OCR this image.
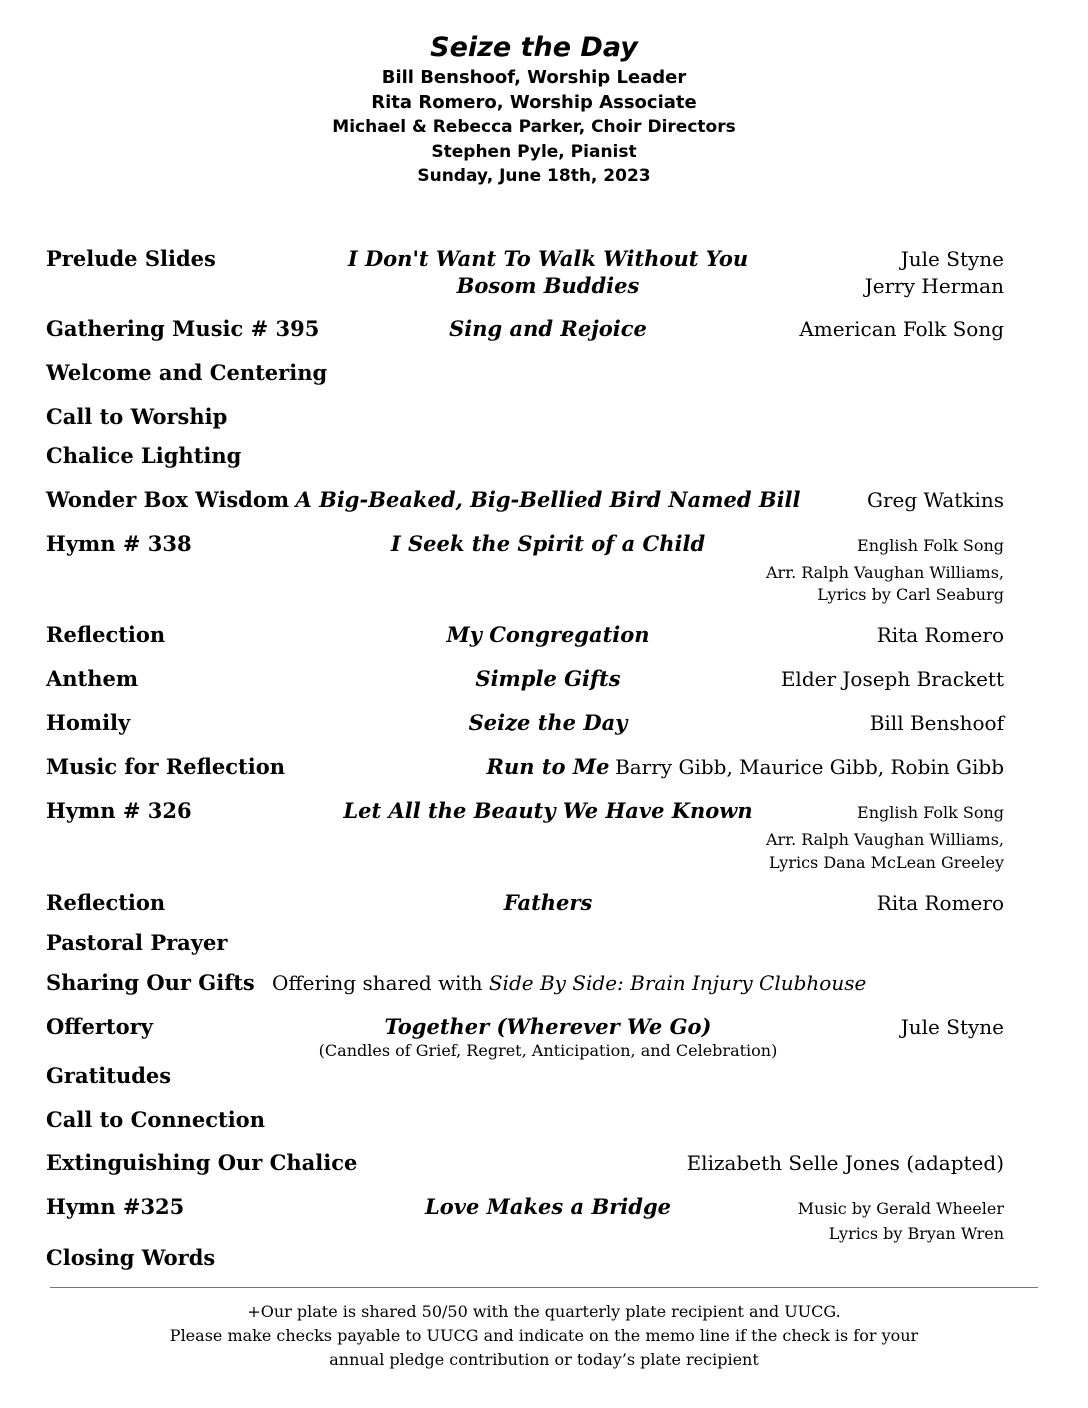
Seize the Day
Bill Benshoof, Worship Leader
Rita Romero, Worship Associate
Michael & Rebecca Parker, Choir Directors
Stephen Pyle, Pianist
Sunday, June 18th, 2023
Prelude Slides	I Don't Want To Walk Without You	Jule Styne
Bosom Buddies	Jerry Herman
Gathering Music # 395	Sing and Rejoice	American Folk Song
Welcome and Centering
Call to Worship
Chalice Lighting
Wonder Box Wisdom A Big-Beaked, Big-Bellied Bird Named Bill	Greg Watkins
Hymn # 338	I Seek the Spirit of a Child	English Folk Song
Arr. Ralph Vaughan Williams,
Lyrics by Carl Seaburg
Reflection	My Congregation	Rita Romero
Anthem	Simple Gifts	Elder Joseph Brackett
Homily	Seize the Day	Bill Benshoof
Music for Reflection	Run to Me Barry Gibb, Maurice Gibb, Robin Gibb
Hymn # 326	Let All the Beauty We Have Known	English Folk Song
Arr. Ralph Vaughan Williams,
Lyrics Dana McLean Greeley
Reflection	Fathers	Rita Romero
Pastoral Prayer
Sharing Our Gifts Offering shared with Side By Side: Brain Injury Clubhouse
Offertory	Together (Wherever We Go)	Jule Styne
(Candles of Grief, Regret, Anticipation, and Celebration)
Gratitudes
Call to Connection
Extinguishing Our Chalice	Elizabeth Selle Jones (adapted)
Hymn #325	Love Makes a Bridge	Music by Gerald Wheeler
Lyrics by Bryan Wren
Closing Words
+Our plate is shared 50/50 with the quarterly plate recipient and UUCG.
Please make checks payable to UUCG and indicate on the memo line if the check is for your
annual pledge contribution or today’s plate recipient
